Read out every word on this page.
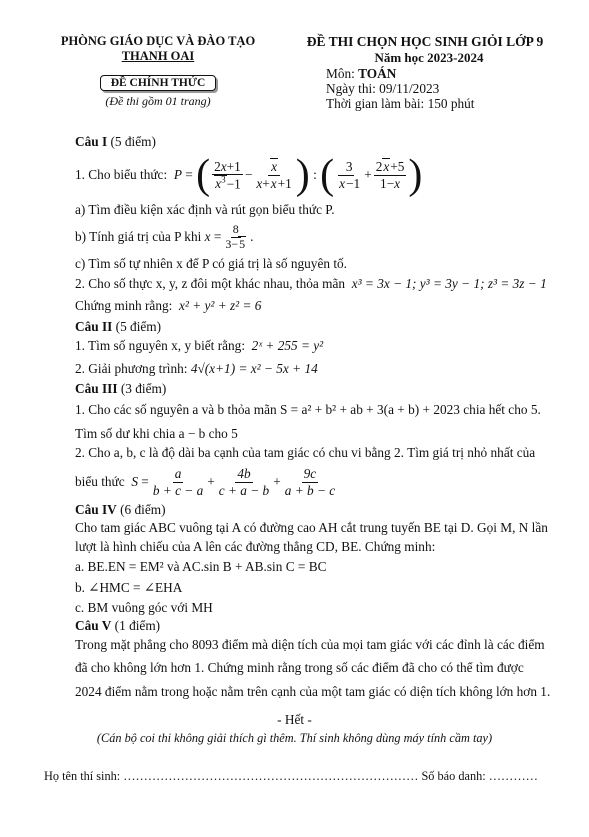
PHÒNG GIÁO DỤC VÀ ĐÀO TẠO
THANH OAI
ĐỀ CHÍNH THỨC
(Đề thi gồm 01 trang)
ĐỀ THI CHỌN HỌC SINH GIỎI LỚP 9
Năm học 2023-2024
Môn: TOÁN
Ngày thi: 09/11/2023
Thời gian làm bài: 150 phút
Câu I (5 điểm)
1. Cho biểu thức:
P = ( $\frac{2x+1}{x^3-1} - \frac{x}{x+x+1}$ ) : ( $\frac{3}{x-1} + \frac{2x+5}{1-x}$ )
a) Tìm điều kiện xác định và rút gọn biểu thức P.
b) Tính giá trị của P khi
$x = \frac{8}{3-5}$ .
c) Tìm số tự nhiên x để P có giá trị là số nguyên tố.
2. Cho số thực x, y, z đôi một khác nhau, thỏa mãn x³ = 3x − 1; y³ = 3y − 1; z³ = 3z − 1
Chứng minh rằng: x² + y² + z² = 6
Câu II (5 điểm)
1. Tìm số nguyên x, y biết rằng: 2ˣ + 255 = y²
2. Giải phương trình: 4√(x+1) = x² − 5x + 14
Câu III (3 điểm)
1. Cho các số nguyên a và b thỏa mãn S = a² + b² + ab + 3(a + b) + 2023 chia hết cho 5.
Tìm số dư khi chia a − b cho 5
2. Cho a, b, c là độ dài ba cạnh của tam giác có chu vi bằng 2. Tìm giá trị nhỏ nhất của
biểu thức
$S = \frac{a}{b + c - a} + \frac{4b}{c + a - b} + \frac{9c}{a + b - c}$
Câu IV (6 điểm)
Cho tam giác ABC vuông tại A có đường cao AH cắt trung tuyến BE tại D. Gọi M, N lần
lượt là hình chiếu của A lên các đường thẳng CD, BE. Chứng minh:
a. BE.EN = EM² và AC.sin B + AB.sin C = BC
b. ∠HMC = ∠EHA
c. BM vuông góc với MH
Câu V (1 điểm)
Trong mặt phẳng cho 8093 điểm mà diện tích của mọi tam giác với các đỉnh là các điểm
đã cho không lớn hơn 1. Chứng minh rằng trong số các điểm đã cho có thể tìm được
2024 điểm nằm trong hoặc nằm trên cạnh của một tam giác có diện tích không lớn hơn 1.
- Hết -
(Cán bộ coi thi không giải thích gì thêm. Thí sinh không dùng máy tính cầm tay)
Họ tên thí sinh: ……………………………………………………………… Số báo danh: …………
